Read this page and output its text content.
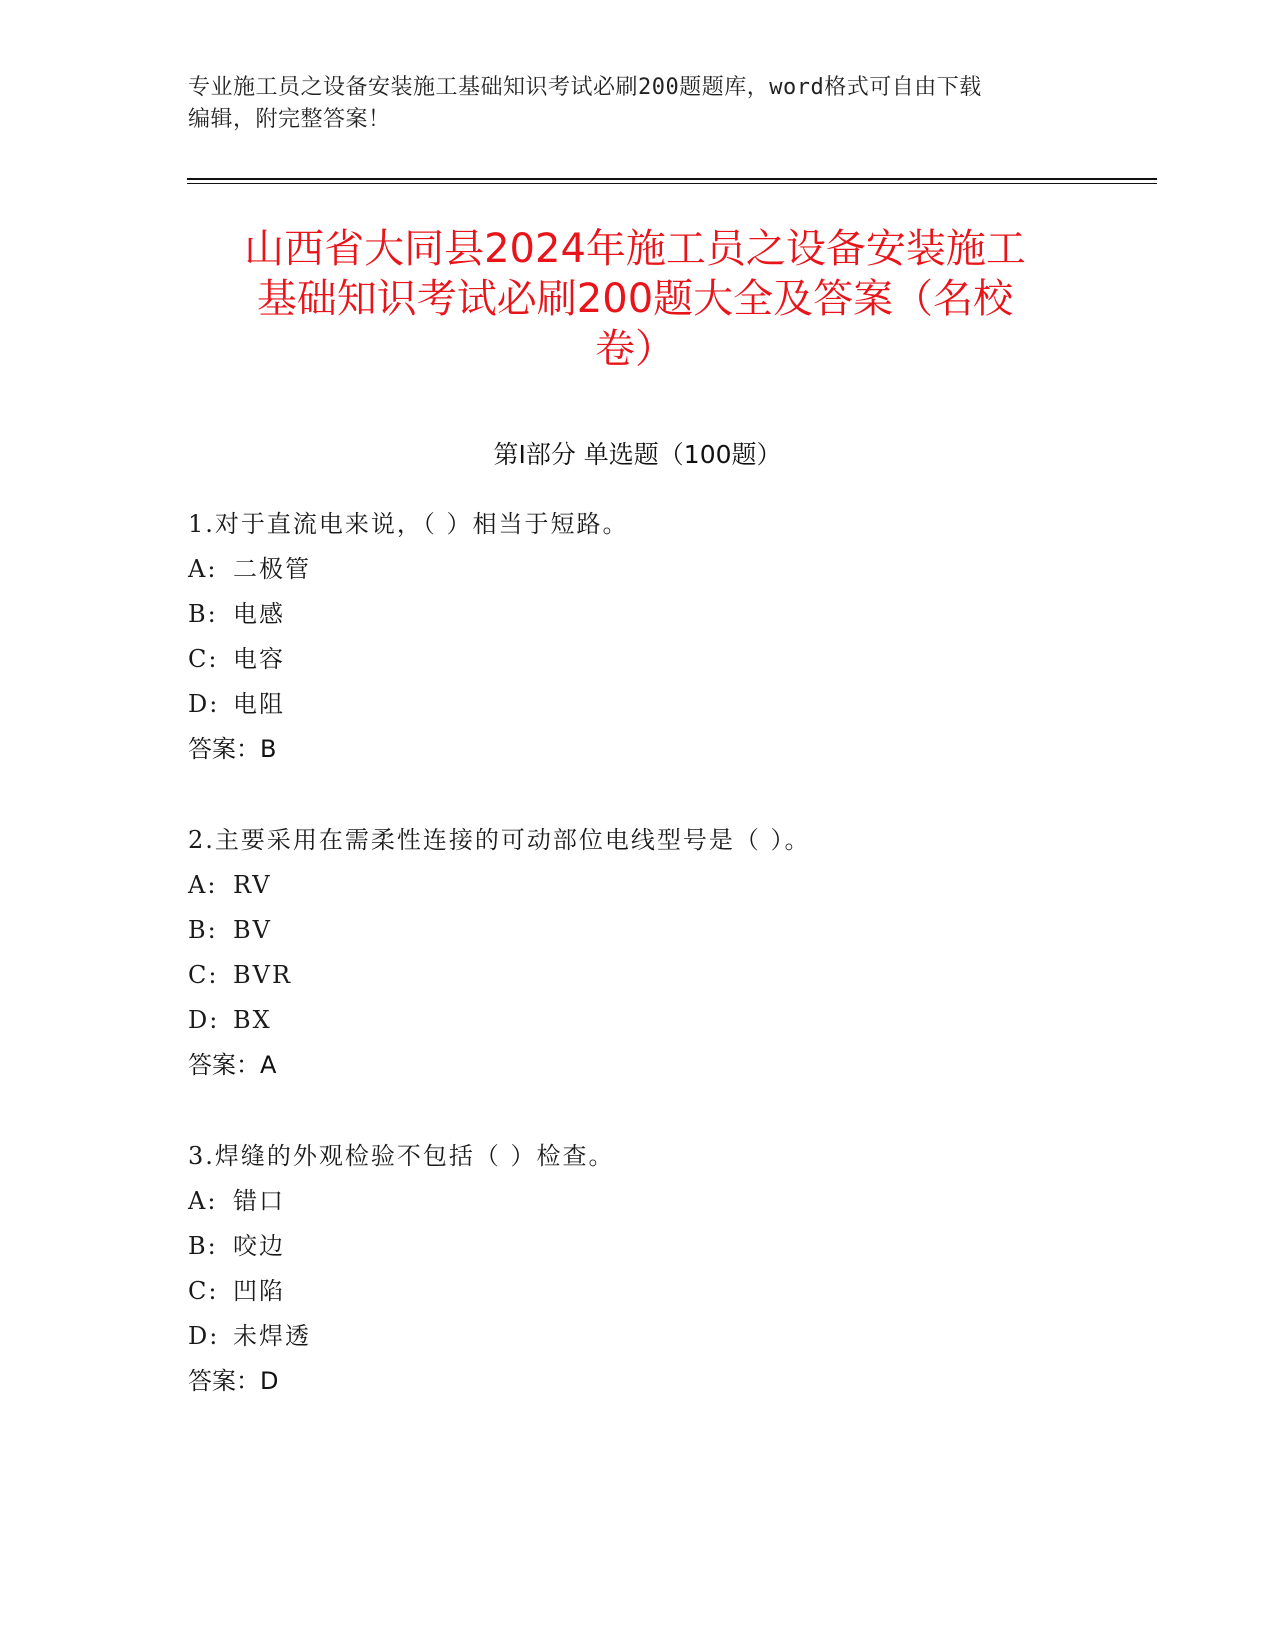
专业施工员之设备安装施工基础知识考试必刷200题题库，word格式可自由下载
编辑，附完整答案！
山西省大同县2024年施工员之设备安装施工
基础知识考试必刷200题大全及答案（名校
卷）
第Ⅰ部分 单选题（100题）
1.对于直流电来说，（ ）相当于短路。
A: 二极管
B: 电感
C: 电容
D: 电阻
答案：B
2.主要采用在需柔性连接的可动部位电线型号是（ ）。
A: RV
B: BV
C: BVR
D: BX
答案：A
3.焊缝的外观检验不包括（ ）检查。
A: 错口
B: 咬边
C: 凹陷
D: 未焊透
答案：D
